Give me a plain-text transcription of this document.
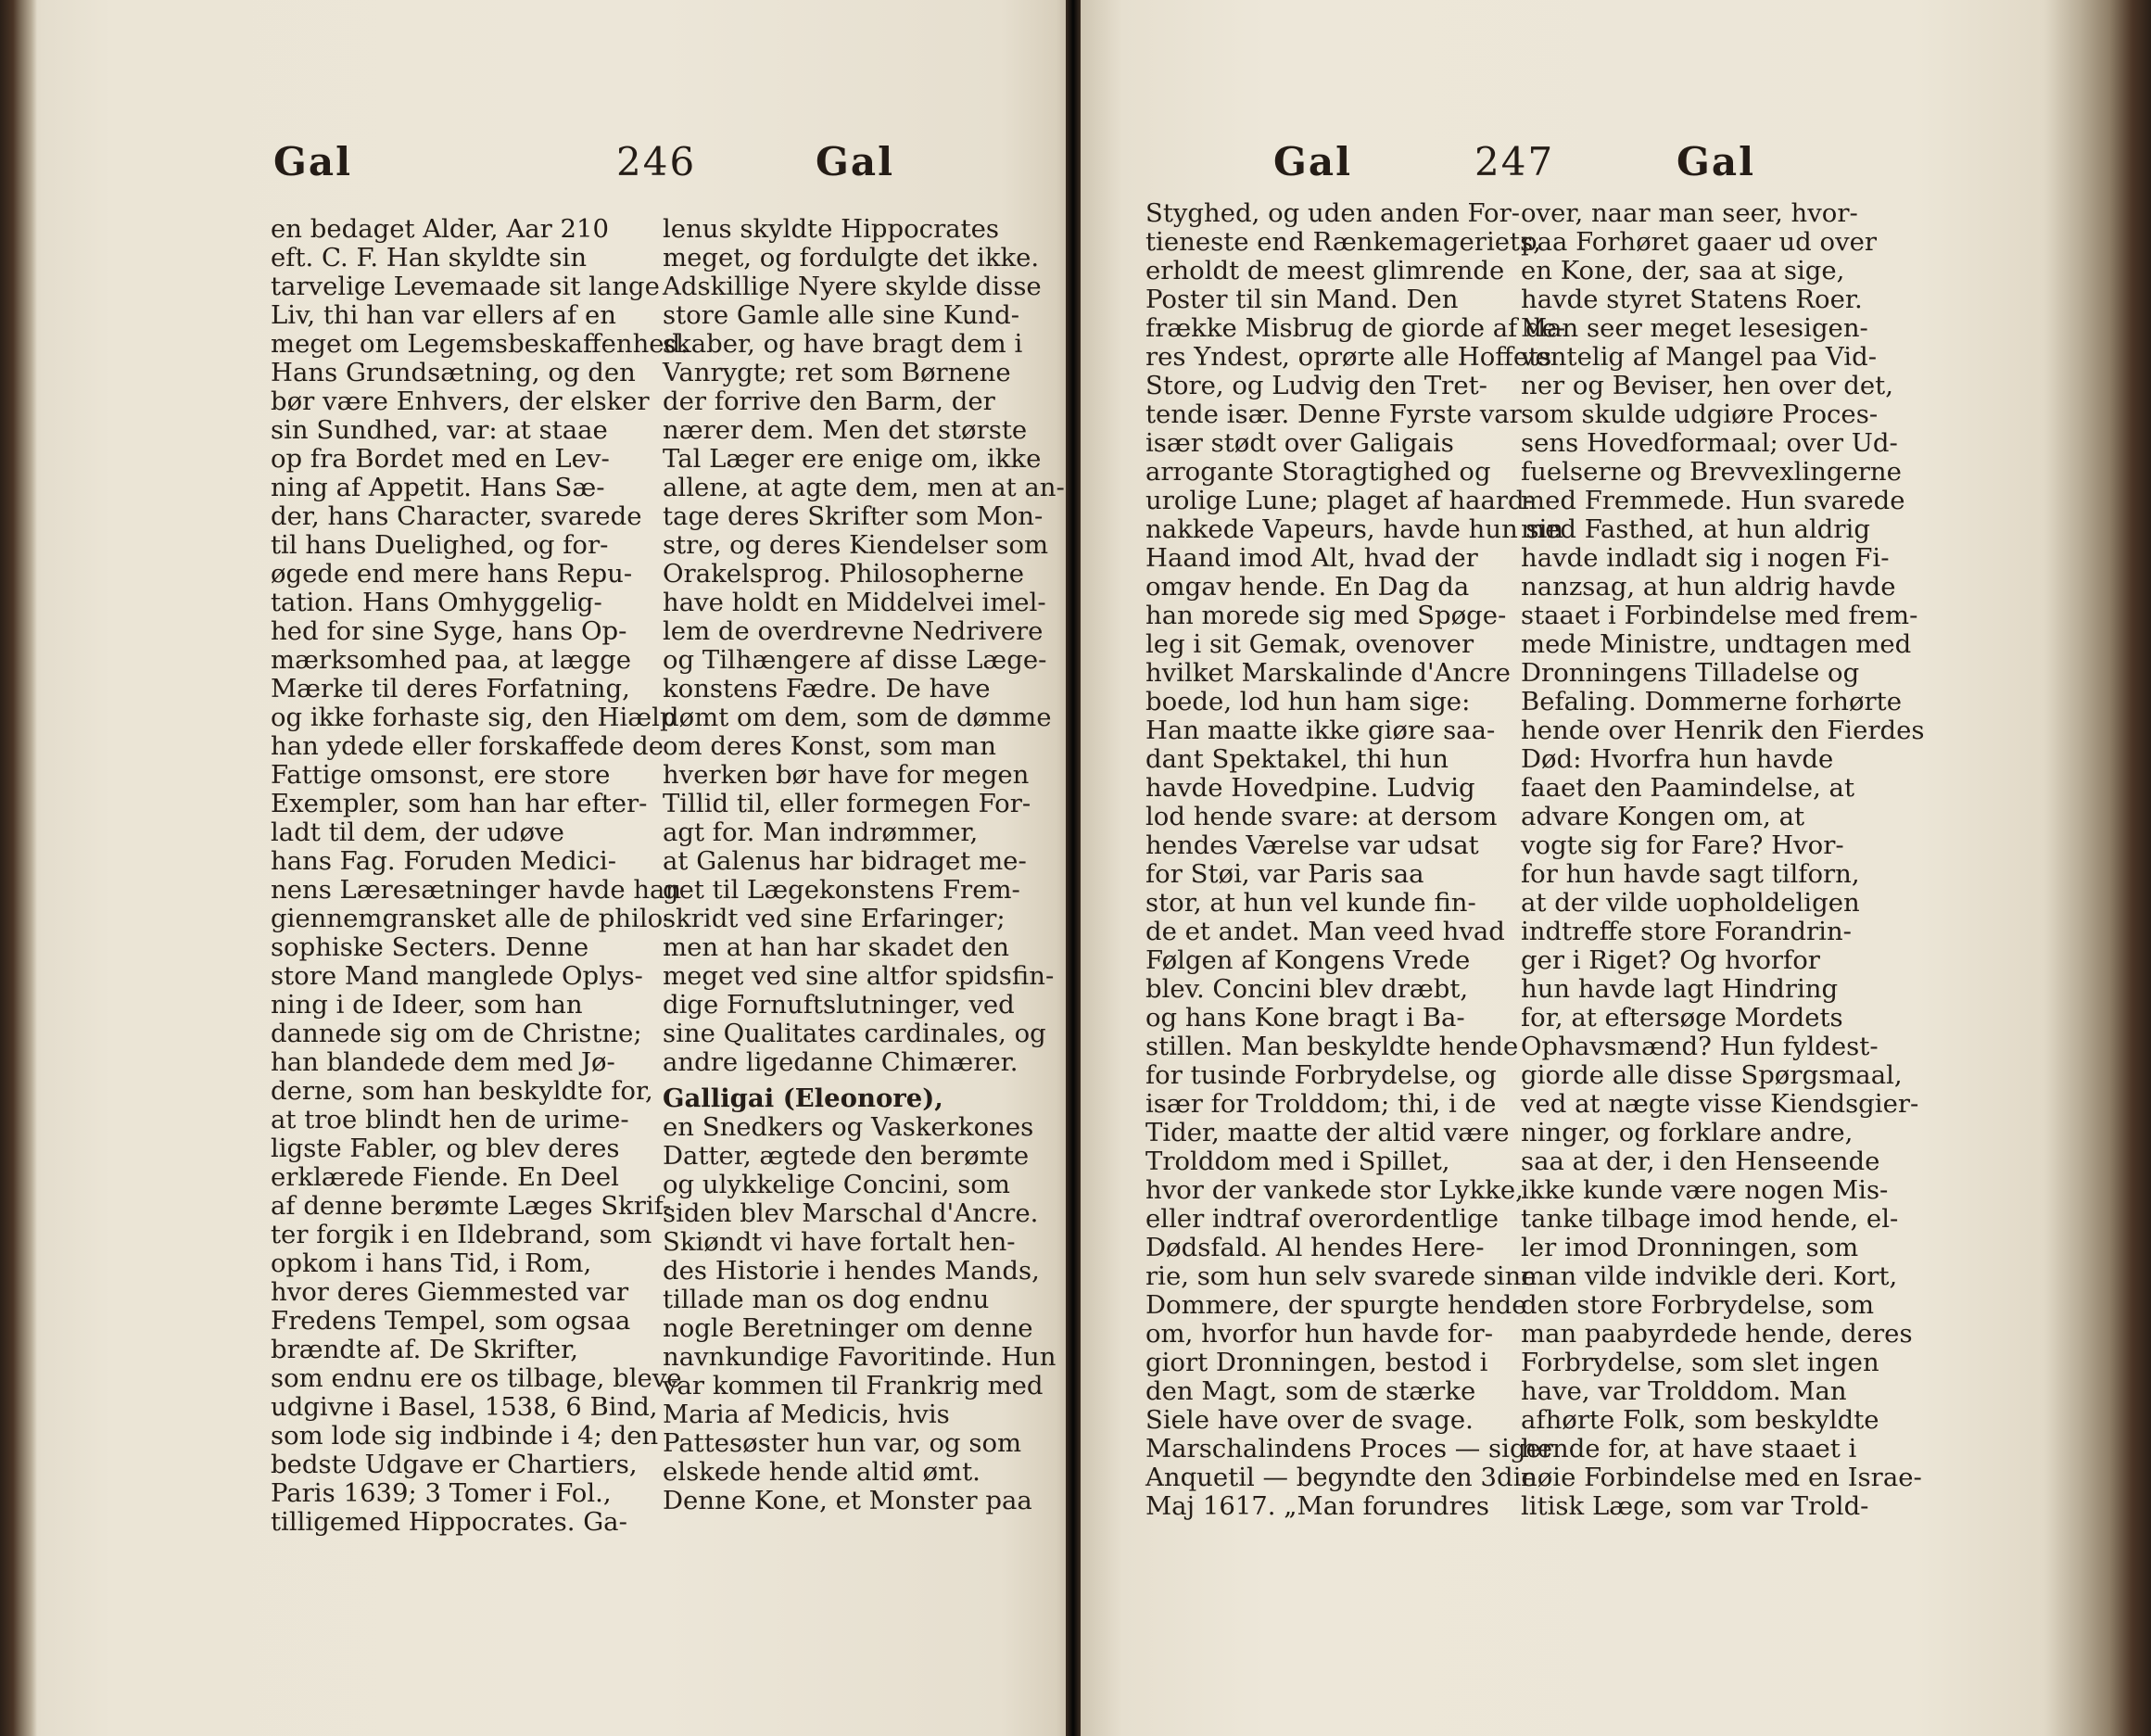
Gal	246	Gal
en bedaget Alder, Aar 210
eft. C. F. Han skyldte sin
tarvelige Levemaade sit lange
Liv, thi han var ellers af en
meget om Legemsbeskaffenhed.
Hans Grundsætning, og den
bør være Enhvers, der elsker
sin Sundhed, var: at staae
op fra Bordet med en Lev-
ning af Appetit. Hans Sæ-
der, hans Character, svarede
til hans Duelighed, og for-
øgede end mere hans Repu-
tation. Hans Omhyggelig-
hed for sine Syge, hans Op-
mærksomhed paa, at lægge
Mærke til deres Forfatning,
og ikke forhaste sig, den Hiælp
han ydede eller forskaffede de
Fattige omsonst, ere store
Exempler, som han har efter-
ladt til dem, der udøve
hans Fag. Foruden Medici-
nens Læresætninger havde han
giennemgransket alle de philo-
sophiske Secters. Denne
store Mand manglede Oplys-
ning i de Ideer, som han
dannede sig om de Christne;
han blandede dem med Jø-
derne, som han beskyldte for,
at troe blindt hen de urime-
ligste Fabler, og blev deres
erklærede Fiende. En Deel
af denne berømte Læges Skrif-
ter forgik i en Ildebrand, som
opkom i hans Tid, i Rom,
hvor deres Giemmested var
Fredens Tempel, som ogsaa
brændte af. De Skrifter,
som endnu ere os tilbage, bleve
udgivne i Basel, 1538, 6 Bind,
som lode sig indbinde i 4; den
bedste Udgave er Chartiers,
Paris 1639; 3 Tomer i Fol.,
tilligemed Hippocrates. Ga-
lenus skyldte Hippocrates
meget, og fordulgte det ikke.
Adskillige Nyere skylde disse
store Gamle alle sine Kund-
skaber, og have bragt dem i
Vanrygte; ret som Børnene
der forrive den Barm, der
nærer dem. Men det største
Tal Læger ere enige om, ikke
allene, at agte dem, men at an-
tage deres Skrifter som Mon-
stre, og deres Kiendelser som
Orakelsprog. Philosopherne
have holdt en Middelvei imel-
lem de overdrevne Nedrivere
og Tilhængere af disse Læge-
konstens Fædre. De have
dømt om dem, som de dømme
om deres Konst, som man
hverken bør have for megen
Tillid til, eller formegen For-
agt for. Man indrømmer,
at Galenus har bidraget me-
get til Lægekonstens Frem-
skridt ved sine Erfaringer;
men at han har skadet den
meget ved sine altfor spidsfin-
dige Fornuftslutninger, ved
sine Qualitates cardinales, og
andre ligedanne Chimærer.
Galligai (Eleonore),
en Snedkers og Vaskerkones
Datter, ægtede den berømte
og ulykkelige Concini, som
siden blev Marschal d'Ancre.
Skiøndt vi have fortalt hen-
des Historie i hendes Mands,
tillade man os dog endnu
nogle Beretninger om denne
navnkundige Favoritinde. Hun
var kommen til Frankrig med
Maria af Medicis, hvis
Pattesøster hun var, og som
elskede hende altid ømt.
Denne Kone, et Monster paa
Gal	247	Gal
Styghed, og uden anden For-
tieneste end Rænkemageriets,
erholdt de meest glimrende
Poster til sin Mand. Den
frække Misbrug de giorde af de-
res Yndest, oprørte alle Hoffets
Store, og Ludvig den Tret-
tende især. Denne Fyrste var
især stødt over Galigais
arrogante Storagtighed og
urolige Lune; plaget af haard-
nakkede Vapeurs, havde hun sin
Haand imod Alt, hvad der
omgav hende. En Dag da
han morede sig med Spøge-
leg i sit Gemak, ovenover
hvilket Marskalinde d'Ancre
boede, lod hun ham sige:
Han maatte ikke giøre saa-
dant Spektakel, thi hun
havde Hovedpine. Ludvig
lod hende svare: at dersom
hendes Værelse var udsat
for Støi, var Paris saa
stor, at hun vel kunde fin-
de et andet. Man veed hvad
Følgen af Kongens Vrede
blev. Concini blev dræbt,
og hans Kone bragt i Ba-
stillen. Man beskyldte hende
for tusinde Forbrydelse, og
især for Trolddom; thi, i de
Tider, maatte der altid være
Trolddom med i Spillet,
hvor der vankede stor Lykke,
eller indtraf overordentlige
Dødsfald. Al hendes Here-
rie, som hun selv svarede sine
Dommere, der spurgte hende
om, hvorfor hun havde for-
giort Dronningen, bestod i
den Magt, som de stærke
Siele have over de svage.
Marschalindens Proces — siger
Anquetil — begyndte den 3die
Maj 1617. „Man forundres
over, naar man seer, hvor-
paa Forhøret gaaer ud over
en Kone, der, saa at sige,
havde styret Statens Roer.
Man seer meget lesesigen-
ventelig af Mangel paa Vid-
ner og Beviser, hen over det,
som skulde udgiøre Proces-
sens Hovedformaal; over Ud-
fuelserne og Brevvexlingerne
med Fremmede. Hun svarede
med Fasthed, at hun aldrig
havde indladt sig i nogen Fi-
nanzsag, at hun aldrig havde
staaet i Forbindelse med frem-
mede Ministre, undtagen med
Dronningens Tilladelse og
Befaling. Dommerne forhørte
hende over Henrik den Fierdes
Død: Hvorfra hun havde
faaet den Paamindelse, at
advare Kongen om, at
vogte sig for Fare? Hvor-
for hun havde sagt tilforn,
at der vilde uopholdeligen
indtreffe store Forandrin-
ger i Riget? Og hvorfor
hun havde lagt Hindring
for, at eftersøge Mordets
Ophavsmænd? Hun fyldest-
giorde alle disse Spørgsmaal,
ved at nægte visse Kiendsgier-
ninger, og forklare andre,
saa at der, i den Henseende
ikke kunde være nogen Mis-
tanke tilbage imod hende, el-
ler imod Dronningen, som
man vilde indvikle deri. Kort,
den store Forbrydelse, som
man paabyrdede hende, deres
Forbrydelse, som slet ingen
have, var Trolddom. Man
afhørte Folk, som beskyldte
hende for, at have staaet i
nøie Forbindelse med en Israe-
litisk Læge, som var Trold-
